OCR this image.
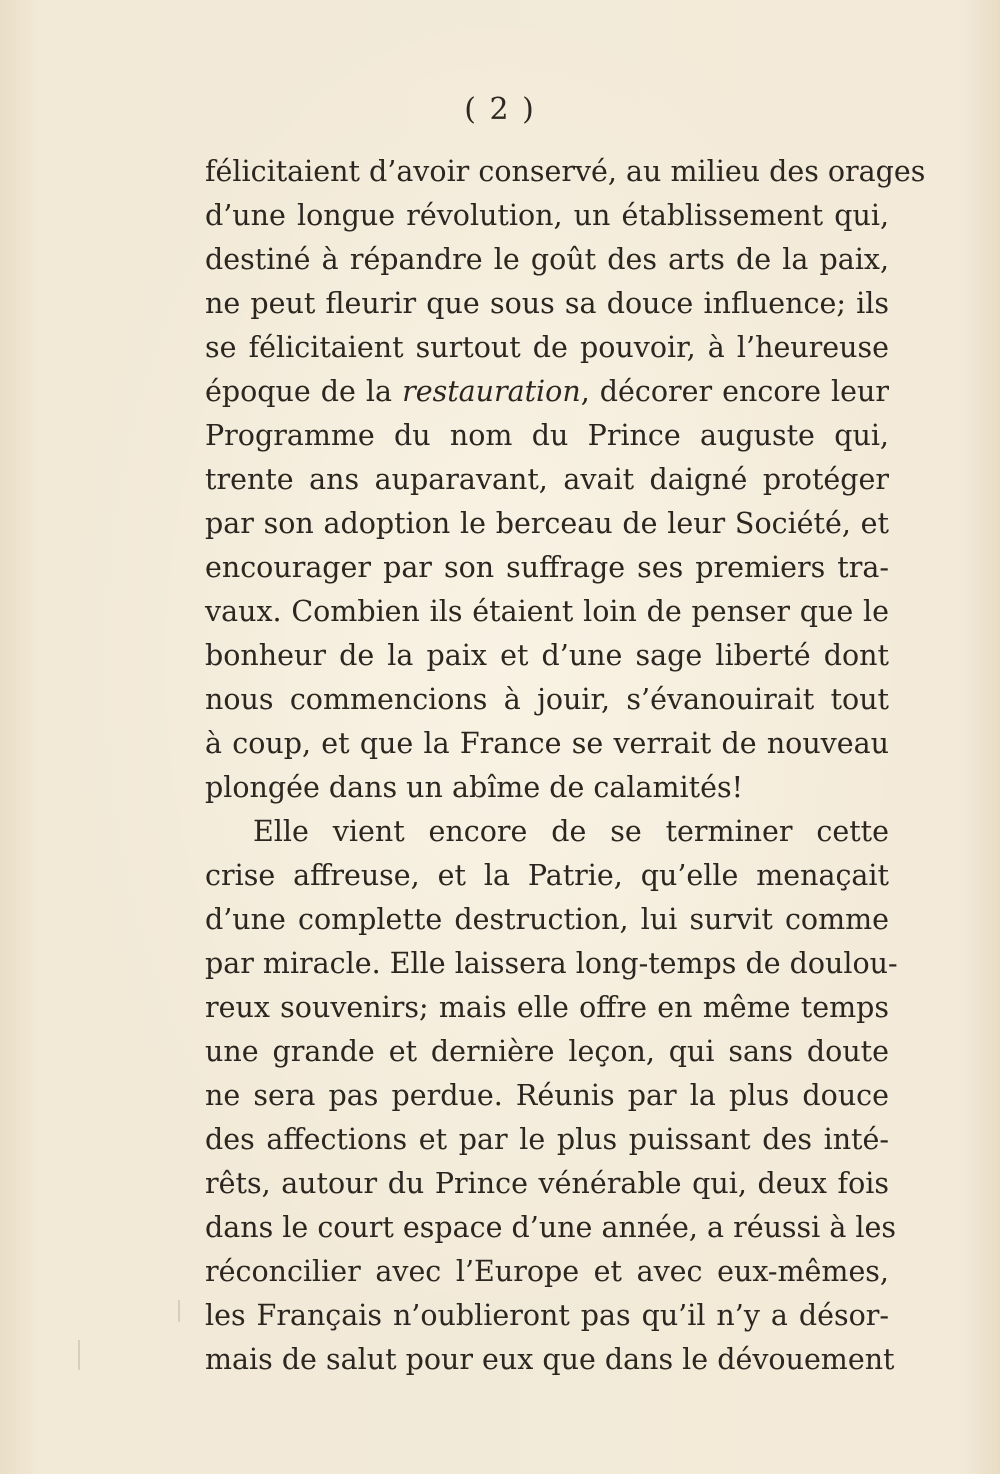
( 2 )
félicitaient d’avoir conservé, au milieu des orages
d’une longue révolution, un établissement qui,
destiné à répandre le goût des arts de la paix,
ne peut fleurir que sous sa douce influence; ils
se félicitaient surtout de pouvoir, à l’heureuse
époque de la restauration, décorer encore leur
Programme du nom du Prince auguste qui,
trente ans auparavant, avait daigné protéger
par son adoption le berceau de leur Société, et
encourager par son suffrage ses premiers tra-
vaux. Combien ils étaient loin de penser que le
bonheur de la paix et d’une sage liberté dont
nous commencions à jouir, s’évanouirait tout
à coup, et que la France se verrait de nouveau
plongée dans un abîme de calamités!
Elle vient encore de se terminer cette
crise affreuse, et la Patrie, qu’elle menaçait
d’une complette destruction, lui survit comme
par miracle. Elle laissera long-temps de doulou-
reux souvenirs; mais elle offre en même temps
une grande et dernière leçon, qui sans doute
ne sera pas perdue. Réunis par la plus douce
des affections et par le plus puissant des inté-
rêts, autour du Prince vénérable qui, deux fois
dans le court espace d’une année, a réussi à les
réconcilier avec l’Europe et avec eux-mêmes,
les Français n’oublieront pas qu’il n’y a désor-
mais de salut pour eux que dans le dévouement
